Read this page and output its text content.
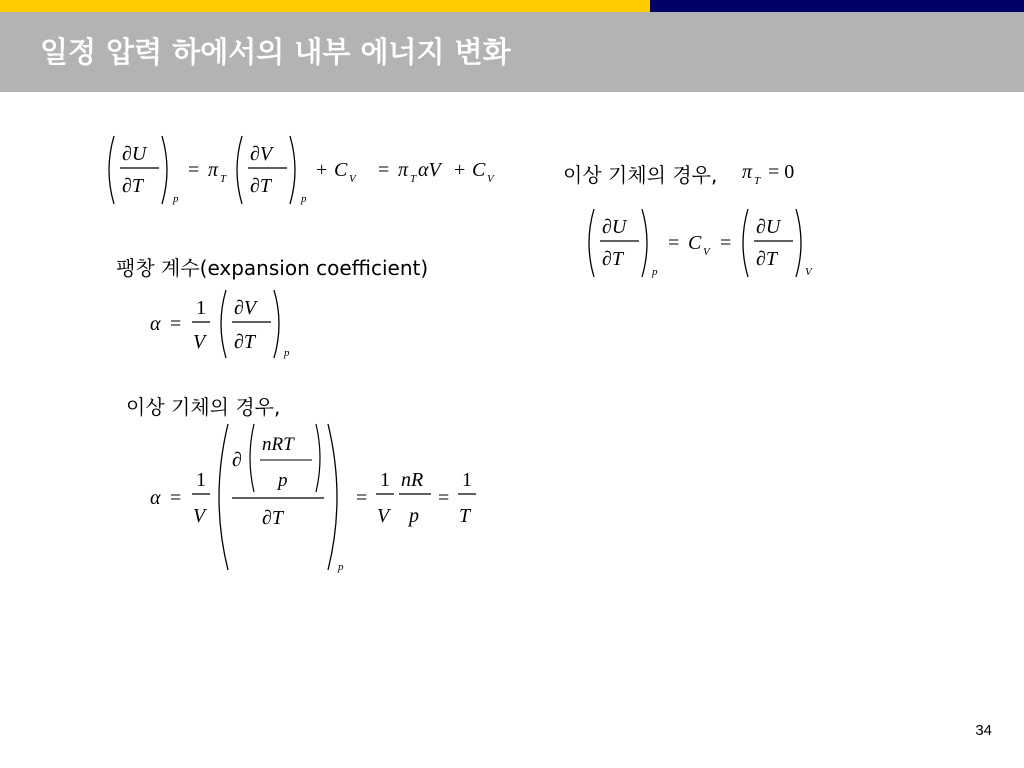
일정 압력 하에서의 내부 에너지 변화
∂U
∂T
p
= π T
∂V
∂T
p
+ C V = π T αV + C V	이상 기체의 경우, π T = 0
∂U
∂T
p
= C V =
∂U
∂T
V
팽창 계수(expansion coefficient)
α =
1
V
∂V
∂T	p
이상 기체의 경우,
α =
1
V
p
∂
nRT
p
∂T
=
1
V
nR
p
=
1
T
34
